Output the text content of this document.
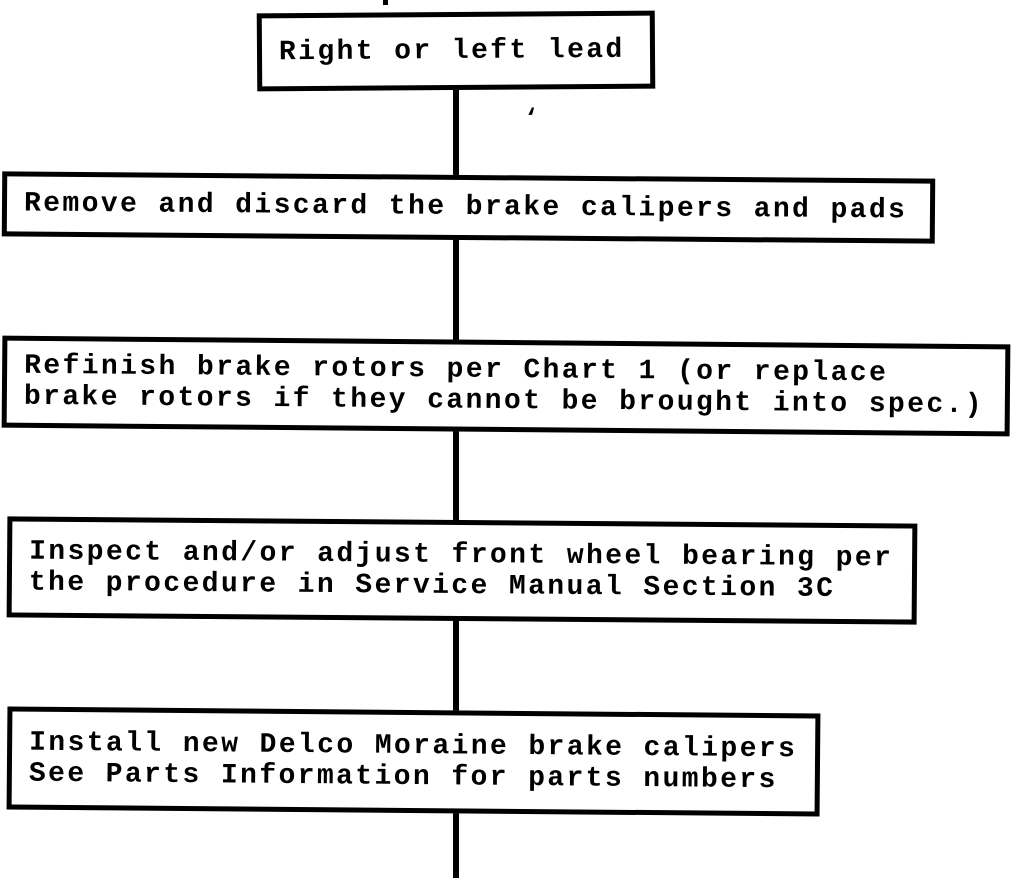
‘
Right or left lead
Remove and discard the brake calipers and pads
Refinish brake rotors per Chart 1 (or replace
brake rotors if they cannot be brought into spec.)
Inspect and/or adjust front wheel bearing per
the procedure in Service Manual Section 3C
Install new Delco Moraine brake calipers
See Parts Information for parts numbers
